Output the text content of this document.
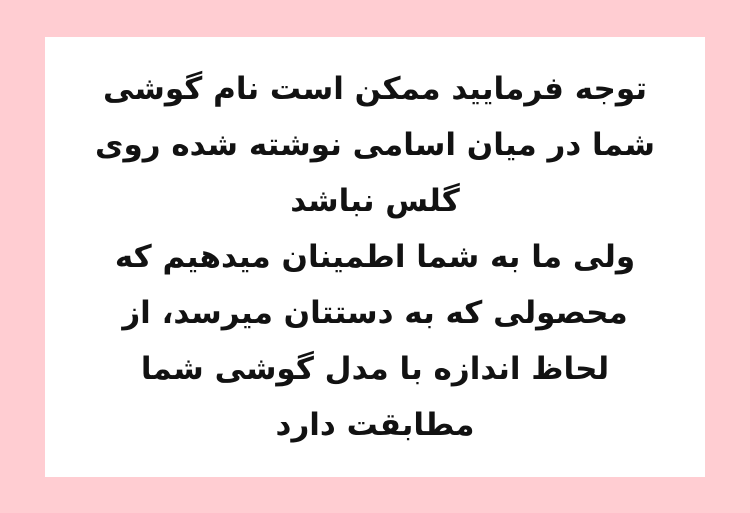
توجه فرمایید ممکن است نام گوشی
شما در میان اسامی نوشته شده روی
گلس نباشد
ولی ما به شما اطمینان میدهیم که
محصولی که به دستتان میرسد، از
لحاظ اندازه با مدل گوشی شما
مطابقت دارد
